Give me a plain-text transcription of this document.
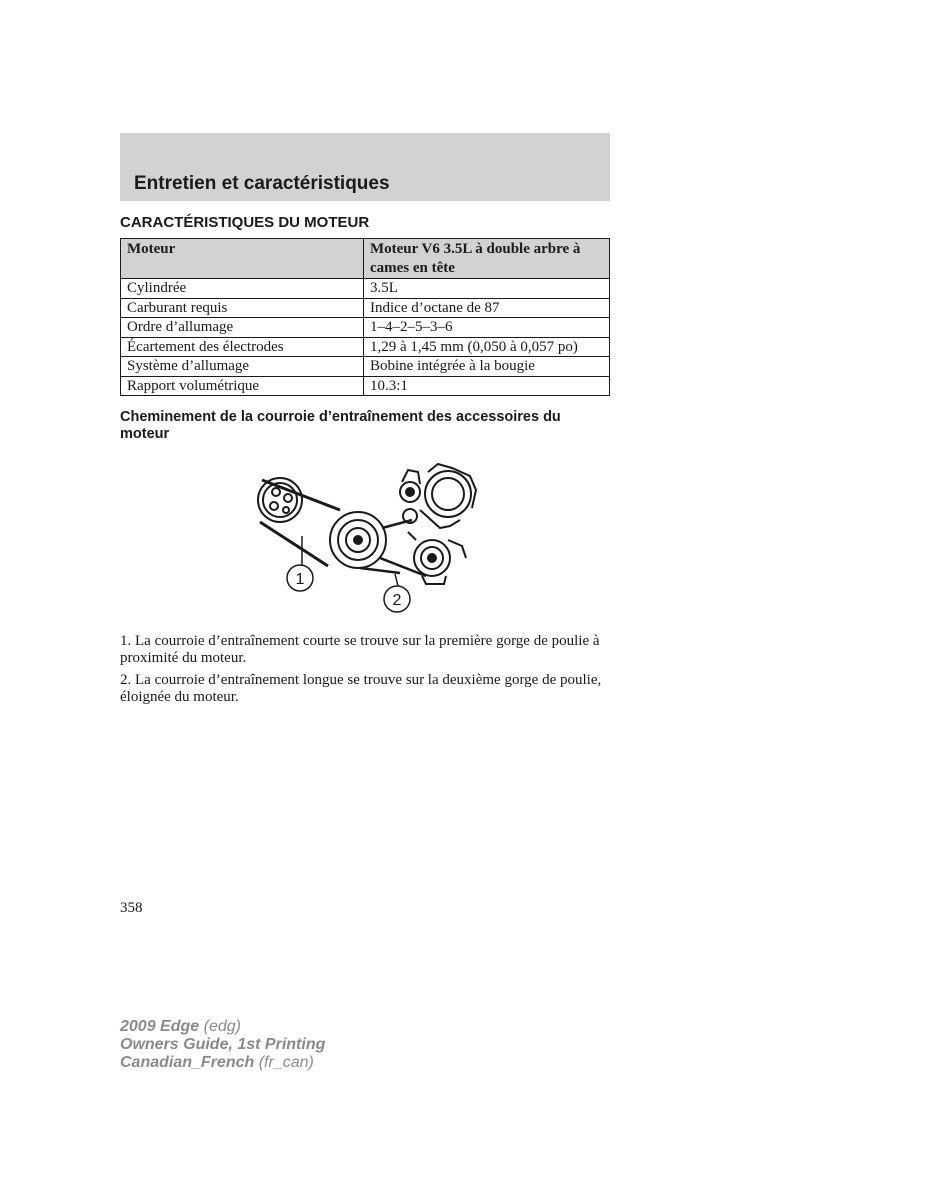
Entretien et caractéristiques
CARACTÉRISTIQUES DU MOTEUR
Moteur	Moteur V6 3.5L à double arbre à cames en tête
Cylindrée	3.5L
Carburant requis	Indice d’octane de 87
Ordre d’allumage	1–4–2–5–3–6
Écartement des électrodes	1,29 à 1,45 mm (0,050 à 0,057 po)
Système d’allumage	Bobine intégrée à la bougie
Rapport volumétrique	10.3:1
Cheminement de la courroie d’entraînement des accessoires du moteur
1
2
1. La courroie d’entraînement courte se trouve sur la première gorge de poulie à proximité du moteur.
2. La courroie d’entraînement longue se trouve sur la deuxième gorge de poulie, éloignée du moteur.
358
2009 Edge (edg)
Owners Guide, 1st Printing
Canadian_French (fr_can)
